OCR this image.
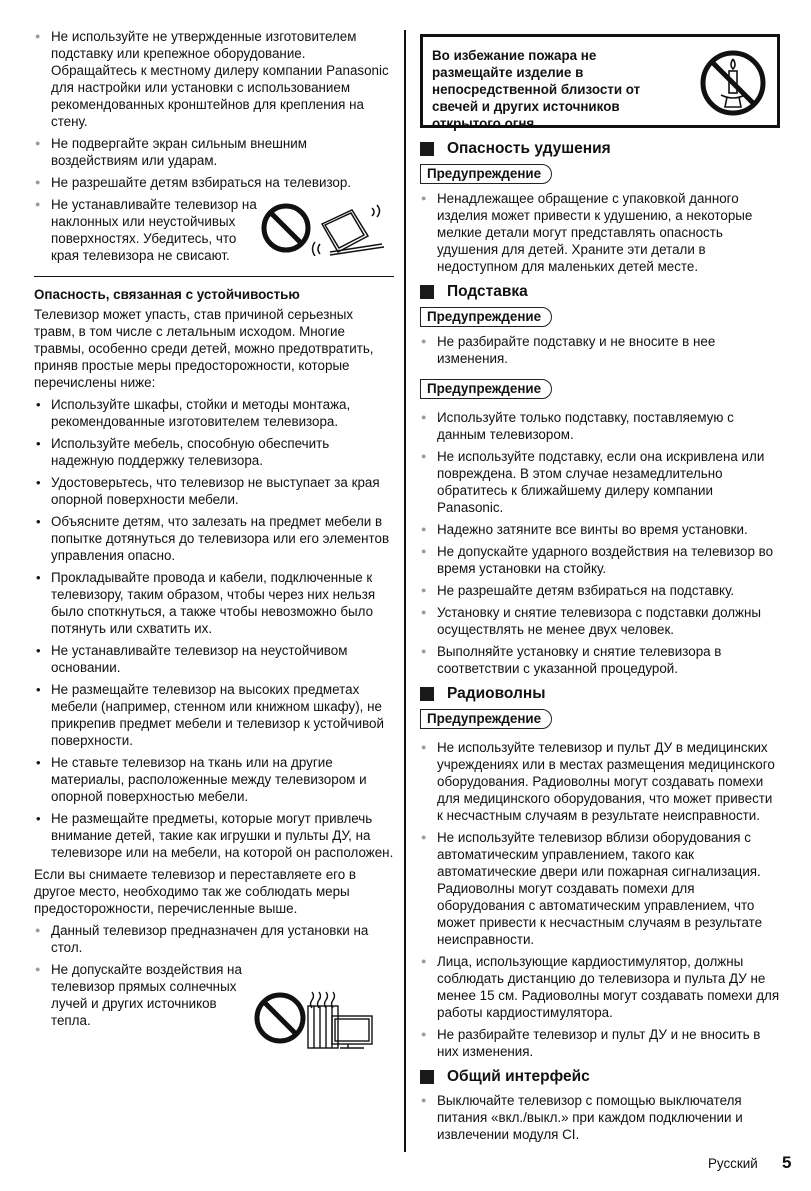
● Не используйте не утвержденные изготовителем подставку или крепежное оборудование. Обращайтесь к местному дилеру компании Panasonic для настройки или установки с использованием рекомендованных кронштейнов для крепления на стену.
● Не подвергайте экран сильным внешним воздействиям или ударам.
● Не разрешайте детям взбираться на телевизор.
● Не устанавливайте телевизор на наклонных или неустойчивых поверхностях. Убедитесь, что края телевизора не свисают.
Опасность, связанная с устойчивостью

Телевизор может упасть, став причиной серьезных травм, в том числе с летальным исходом. Многие травмы, особенно среди детей, можно предотвратить, приняв простые меры предосторожности, которые перечислены ниже:

• Используйте шкафы, стойки и методы монтажа, рекомендованные изготовителем телевизора.
• Используйте мебель, способную обеспечить надежную поддержку телевизора.
• Удостоверьтесь, что телевизор не выступает за края опорной поверхности мебели.
• Объясните детям, что залезать на предмет мебели в попытке дотянуться до телевизора или его элементов управления опасно.
• Прокладывайте провода и кабели, подключенные к телевизору, таким образом, чтобы через них нельзя было споткнуться, а также чтобы невозможно было потянуть или схватить их.
• Не устанавливайте телевизор на неустойчивом основании.
• Не размещайте телевизор на высоких предметах мебели (например, стенном или книжном шкафу), не прикрепив предмет мебели и телевизор к устойчивой поверхности.
• Не ставьте телевизор на ткань или на другие материалы, расположенные между телевизором и опорной поверхностью мебели.
• Не размещайте предметы, которые могут привлечь внимание детей, такие как игрушки и пульты ДУ, на телевизоре или на мебели, на которой он расположен.

Если вы снимаете телевизор и переставляете его в другое место, необходимо так же соблюдать меры предосторожности, перечисленные выше.

● Данный телевизор предназначен для установки на стол.
● Не допускайте воздействия на телевизор прямых солнечных лучей и других источников тепла.
Во избежание пожара не размещайте изделие в непосредственной близости от свечей и других источников открытого огня
Опасность удушения
Предупреждение
● Ненадлежащее обращение с упаковкой данного изделия может привести к удушению, а некоторые мелкие детали могут представлять опасность удушения для детей. Храните эти детали в недоступном для маленьких детей месте.
Подставка
Предупреждение
● Не разбирайте подставку и не вносите в нее изменения.
Предупреждение
● Используйте только подставку, поставляемую с данным телевизором.
● Не используйте подставку, если она искривлена или повреждена. В этом случае незамедлительно обратитесь к ближайшему дилеру компании Panasonic.
● Надежно затяните все винты во время установки.
● Не допускайте ударного воздействия на телевизор во время установки на стойку.
● Не разрешайте детям взбираться на подставку.
● Установку и снятие телевизора с подставки должны осуществлять не менее двух человек.
● Выполняйте установку и снятие телевизора в соответствии с указанной процедурой.
Радиоволны
Предупреждение
● Не используйте телевизор и пульт ДУ в медицинских учреждениях или в местах размещения медицинского оборудования. Радиоволны могут создавать помехи для медицинского оборудования, что может привести к несчастным случаям в результате неисправности.
● Не используйте телевизор вблизи оборудования с автоматическим управлением, такого как автоматические двери или пожарная сигнализация. Радиоволны могут создавать помехи для оборудования с автоматическим управлением, что может привести к несчастным случаям в результате неисправности.
● Лица, использующие кардиостимулятор, должны соблюдать дистанцию до телевизора и пульта ДУ не менее 15 см. Радиоволны могут создавать помехи для работы кардиостимулятора.
● Не разбирайте телевизор и пульт ДУ и не вносить в них изменения.
Общий интерфейс
● Выключайте телевизор с помощью выключателя питания «вкл./выкл.» при каждом подключении и извлечении модуля CI.
Русский 5
